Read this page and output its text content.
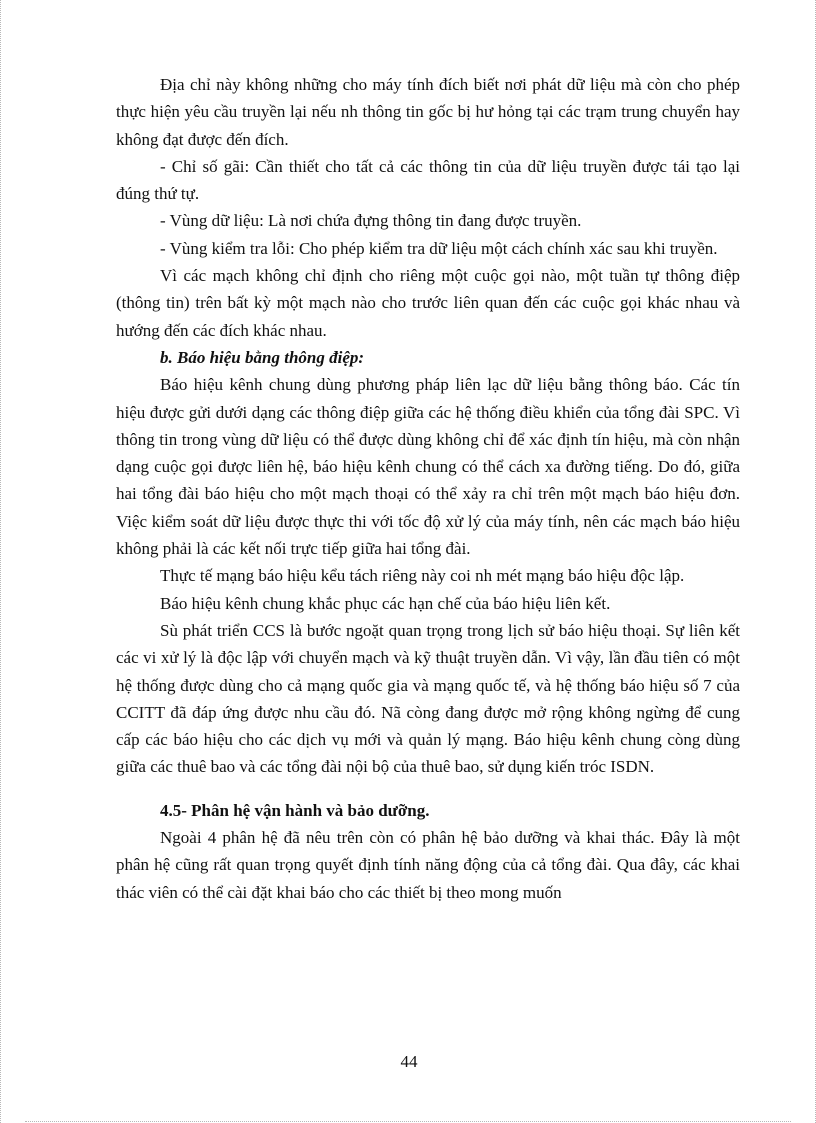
Địa chỉ này không những cho máy tính đích biết nơi phát dữ liệu mà còn cho phép thực hiện yêu cầu truyền lại nếu nh thông tin gốc bị hư hỏng tại các trạm trung chuyển hay không đạt được đến đích.

- Chỉ số gãi: Cần thiết cho tất cả các thông tin của dữ liệu truyền được tái tạo lại đúng thứ tự.

- Vùng dữ liệu: Là nơi chứa đựng thông tin đang được truyền.

- Vùng kiểm tra lỗi: Cho phép kiểm tra dữ liệu một cách chính xác sau khi truyền.

Vì các mạch không chỉ định cho riêng một cuộc gọi nào, một tuần tự thông điệp (thông tin) trên bất kỳ một mạch nào cho trước liên quan đến các cuộc gọi khác nhau và hướng đến các đích khác nhau.

b. Báo hiệu bằng thông điệp:

Báo hiệu kênh chung dùng phương pháp liên lạc dữ liệu bằng thông báo. Các tín hiệu được gửi dưới dạng các thông điệp giữa các hệ thống điều khiển của tổng đài SPC. Vì thông tin trong vùng dữ liệu có thể được dùng không chỉ để xác định tín hiệu, mà còn nhận dạng cuộc gọi được liên hệ, báo hiệu kênh chung có thể cách xa đường tiếng. Do đó, giữa hai tổng đài báo hiệu cho một mạch thoại có thể xảy ra chỉ trên một mạch báo hiệu đơn. Việc kiểm soát dữ liệu được thực thi với tốc độ xử lý của máy tính, nên các mạch báo hiệu không phải là các kết nối trực tiếp giữa hai tổng đài.

Thực tế mạng báo hiệu kểu tách riêng này coi nh mét mạng báo hiệu độc lập.

Báo hiệu kênh chung khắc phục các hạn chế của báo hiệu liên kết.

Sù phát triển CCS là bước ngoặt quan trọng trong lịch sử báo hiệu thoại. Sự liên kết các vi xử lý là độc lập với chuyển mạch và kỹ thuật truyền dẫn. Vì vậy, lần đầu tiên có một hệ thống được dùng cho cả mạng quốc gia và mạng quốc tế, và hệ thống báo hiệu số 7 của CCITT đã đáp ứng được nhu cầu đó. Nã còng đang được mở rộng không ngừng để cung cấp các báo hiệu cho các dịch vụ mới và quản lý mạng. Báo hiệu kênh chung còng dùng giữa các thuê bao và các tổng đài nội bộ của thuê bao, sử dụng kiến tróc ISDN.

4.5- Phân hệ vận hành và bảo dưỡng.

Ngoài 4 phân hệ đã nêu trên còn có phân hệ bảo dưỡng và khai thác. Đây là một phân hệ cũng rất quan trọng quyết định tính năng động của cả tổng đài. Qua đây, các khai thác viên có thể cài đặt khai báo cho các thiết bị theo mong muốn

44
